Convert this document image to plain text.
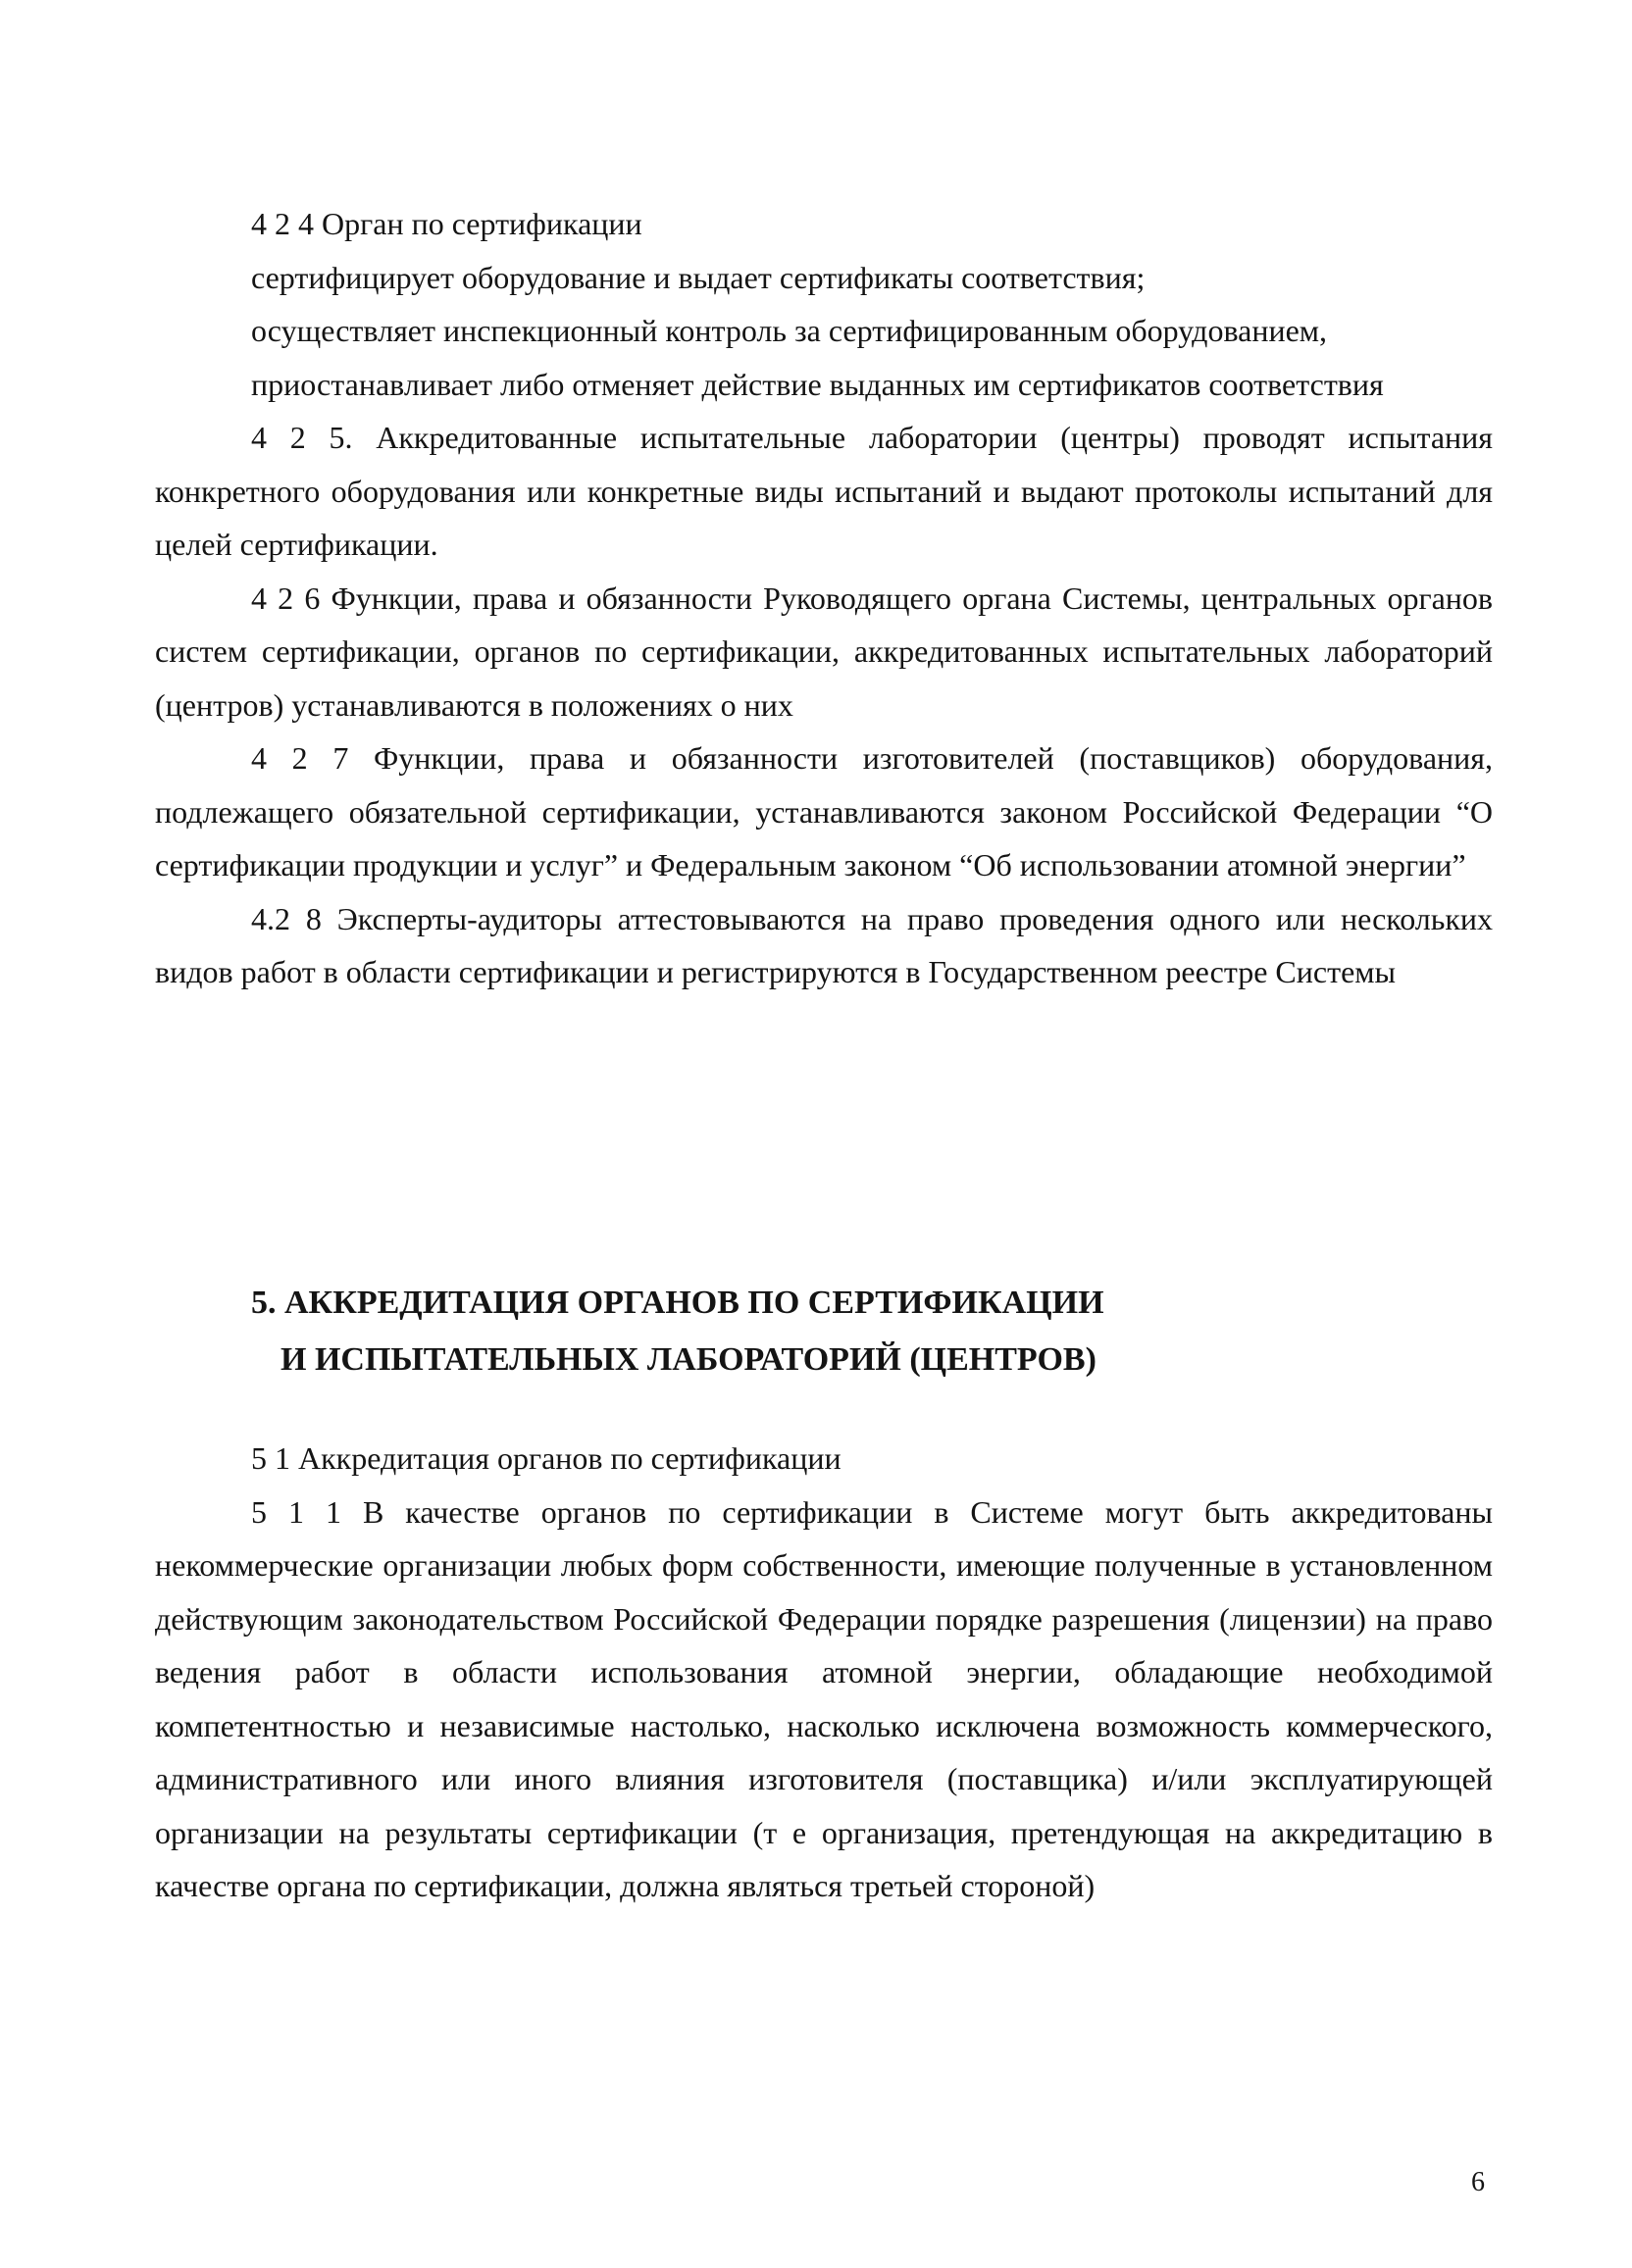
4 2 4 Орган по сертификации

сертифицирует оборудование и выдает сертификаты соответствия;

осуществляет инспекционный контроль за сертифицированным оборудованием,

приостанавливает либо отменяет действие выданных им сертификатов соответствия

4 2 5. Аккредитованные испытательные лаборатории (центры) проводят испытания конкретного оборудования или конкретные виды испытаний и выдают протоколы испытаний для целей сертификации.

4 2 6 Функции, права и обязанности Руководящего органа Системы, центральных органов систем сертификации, органов по сертификации, аккредитованных испытательных лабораторий (центров) устанавливаются в положениях о них

4 2 7 Функции, права и обязанности изготовителей (поставщиков) оборудования, подлежащего обязательной сертификации, устанавливаются законом Российской Федерации “О сертификации продукции и услуг” и Федеральным законом “Об использовании атомной энергии”

4.2 8 Эксперты-аудиторы аттестовываются на право проведения одного или нескольких видов работ в области сертификации и регистрируются в Государственном реестре Системы

5. АККРЕДИТАЦИЯ ОРГАНОВ ПО СЕРТИФИКАЦИИ
И ИСПЫТАТЕЛЬНЫХ ЛАБОРАТОРИЙ (ЦЕНТРОВ)

5 1 Аккредитация органов по сертификации

5 1 1 В качестве органов по сертификации в Системе могут быть аккредитованы некоммерческие организации любых форм собственности, имеющие полученные в установленном действующим законодательством Российской Федерации порядке разрешения (лицензии) на право ведения работ в области использования атомной энергии, обладающие необходимой компетентностью и независимые настолько, насколько исключена возможность коммерческого, административного или иного влияния изготовителя (поставщика) и/или эксплуатирующей организации на результаты сертификации (т е организация, претендующая на аккредитацию в качестве органа по сертификации, должна являться третьей стороной)

6
